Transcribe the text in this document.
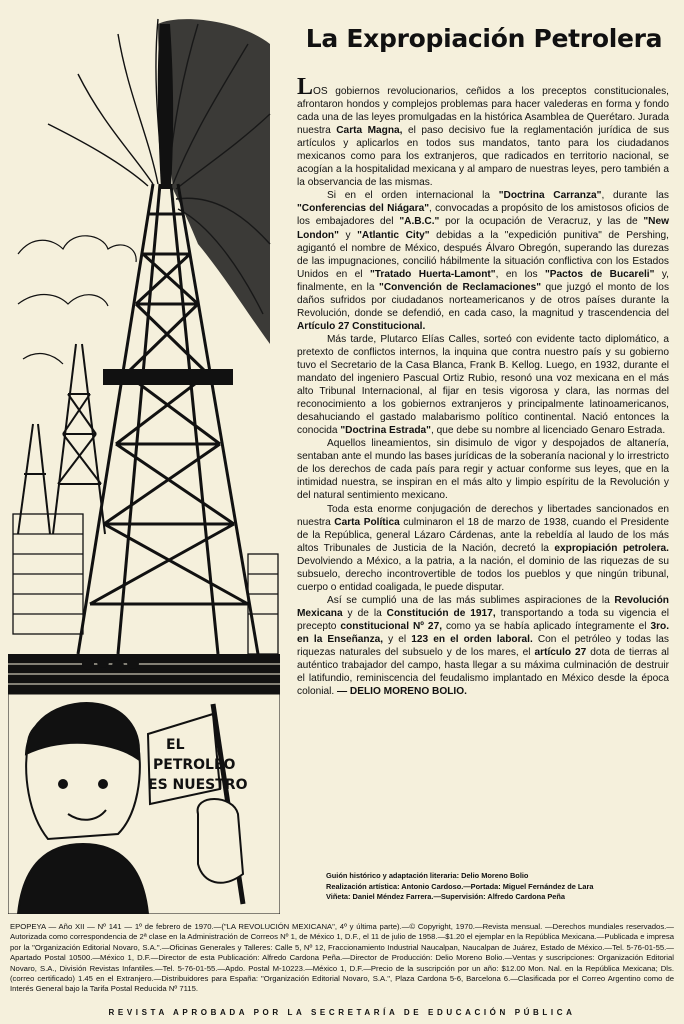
EL
PETROLEO
ES NUESTRO
La Expropiación Petrolera

LOS gobiernos revolucionarios, ceñidos a los preceptos constitucionales, afrontaron hondos y complejos problemas para hacer valederas en forma y fondo cada una de las leyes promulgadas en la histórica Asamblea de Querétaro. Jurada nuestra Carta Magna, el paso decisivo fue la reglamentación jurídica de sus artículos y aplicarlos en todos sus mandatos, tanto para los ciudadanos mexicanos como para los extranjeros, que radicados en territorio nacional, se acogían a la hospitalidad mexicana y al amparo de nuestras leyes, pero también a la observancia de las mismas.

Si en el orden internacional la "Doctrina Carranza", durante las "Conferencias del Niágara", convocadas a propósito de los amistosos oficios de los embajadores del "A.B.C." por la ocupación de Veracruz, y las de "New London" y "Atlantic City" debidas a la "expedición punitiva" de Pershing, agigantó el nombre de México, después Álvaro Obregón, superando las durezas de las impugnaciones, concilió hábilmente la situación conflictiva con los Estados Unidos en el "Tratado Huerta-Lamont", en los "Pactos de Bucareli" y, finalmente, en la "Convención de Reclamaciones" que juzgó el monto de los daños sufridos por ciudadanos norteamericanos y de otros países durante la Revolución, donde se defendió, en cada caso, la magnitud y trascendencia del Artículo 27 Constitucional.

Más tarde, Plutarco Elías Calles, sorteó con evidente tacto diplomático, a pretexto de conflictos internos, la inquina que contra nuestro país y su gobierno tuvo el Secretario de la Casa Blanca, Frank B. Kellog. Luego, en 1932, durante el mandato del ingeniero Pascual Ortiz Rubio, resonó una voz mexicana en el más alto Tribunal Internacional, al fijar en tesis vigorosa y clara, las normas del reconocimiento a los gobiernos extranjeros y principalmente latinoamericanos, desahuciando el gastado malabarismo político continental. Nació entonces la conocida "Doctrina Estrada", que debe su nombre al licenciado Genaro Estrada.

Aquellos lineamientos, sin disimulo de vigor y despojados de altanería, sentaban ante el mundo las bases jurídicas de la soberanía nacional y lo irrestricto de los derechos de cada país para regir y actuar conforme sus leyes, que en la intimidad nuestra, se inspiran en el más alto y limpio espíritu de la Revolución y del natural sentimiento mexicano.

Toda esta enorme conjugación de derechos y libertades sancionados en nuestra Carta Política culminaron el 18 de marzo de 1938, cuando el Presidente de la República, general Lázaro Cárdenas, ante la rebeldía al laudo de los más altos Tribunales de Justicia de la Nación, decretó la expropiación petrolera. Devolviendo a México, a la patria, a la nación, el dominio de las riquezas de su subsuelo, derecho incontrovertible de todos los pueblos y que ningún tribunal, cuerpo o entidad coaligada, le puede disputar.

Así se cumplió una de las más sublimes aspiraciones de la Revolución Mexicana y de la Constitución de 1917, transportando a toda su vigencia el precepto constitucional Nº 27, como ya se había aplicado íntegramente el 3ro. en la Enseñanza, y el 123 en el orden laboral. Con el petróleo y todas las riquezas naturales del subsuelo y de los mares, el artículo 27 dota de tierras al auténtico trabajador del campo, hasta llegar a su máxima culminación de destruir el latifundio, reminiscencia del feudalismo implantado en México desde la época colonial. — DELIO MORENO BOLIO.

Guión histórico y adaptación literaria: Delio Moreno Bolio
Realización artística: Antonio Cardoso.—Portada: Miguel Fernández de Lara
Viñeta: Daniel Méndez Farrera.—Supervisión: Alfredo Cardona Peña
EPOPEYA — Año XII — Nº 141 — 1º de febrero de 1970.—("LA REVOLUCIÓN MEXICANA", 4º y última parte).—© Copyright, 1970.—Revista mensual. —Derechos mundiales reservados.—Autorizada como correspondencia de 2ª clase en la Administración de Correos Nº 1, de México 1, D.F., el 11 de julio de 1958.—$1.20 el ejemplar en la República Mexicana.—Publicada e impresa por la "Organización Editorial Novaro, S.A.".—Oficinas Generales y Talleres: Calle 5, Nº 12, Fraccionamiento Industrial Naucalpan, Naucalpan de Juárez, Estado de México.—Tel. 5-76-01-55.—Apartado Postal 10500.—México 1, D.F.—Director de esta Publicación: Alfredo Cardona Peña.—Director de Producción: Delio Moreno Bolio.—Ventas y suscripciones: Organización Editorial Novaro, S.A., División Revistas Infantiles.—Tel. 5-76-01-55.—Apdo. Postal M-10223.—México 1, D.F.—Precio de la suscripción por un año: $12.00 Mon. Nal. en la República Mexicana; Dls. (correo certificado) 1.45 en el Extranjero.—Distribuidores para España: "Organización Editorial Novaro, S.A.", Plaza Cardona 5-6, Barcelona 6.—Clasificada por el Correo Argentino como de Interés General bajo la Tarifa Postal Reducida Nº 7115.
REVISTA APROBADA POR LA SECRETARÍA DE EDUCACIÓN PÚBLICA
